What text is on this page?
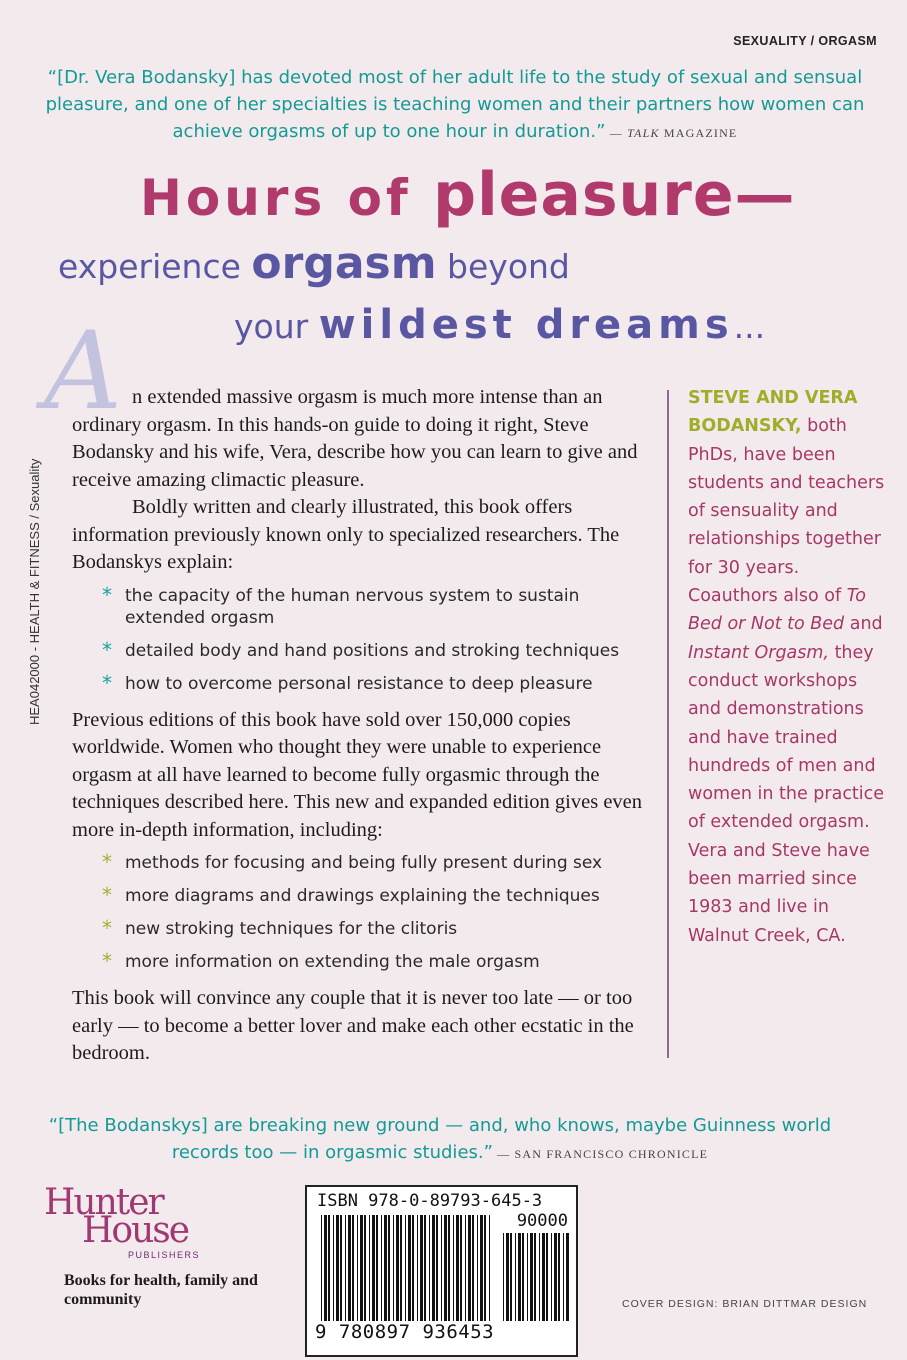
SEXUALITY / ORGASM
“[Dr. Vera Bodansky] has devoted most of her adult life to the study of sexual and sensual pleasure, and one of her specialties is teaching women and their partners how women can achieve orgasms of up to one hour in duration.” — TALK MAGAZINE
Hours of pleasure—
experience orgasm beyond
your wildest dreams...
A
HEA042000 - HEALTH & FITNESS / Sexuality

n extended massive orgasm is much more intense than an ordinary orgasm. In this hands-on guide to doing it right, Steve Bodansky and his wife, Vera, describe how you can learn to give and receive amazing climactic pleasure.

Boldly written and clearly illustrated, this book offers information previously known only to specialized researchers. The Bodanskys explain:

* the capacity of the human nervous system to sustain extended orgasm
* detailed body and hand positions and stroking techniques
* how to overcome personal resistance to deep pleasure

Previous editions of this book have sold over 150,000 copies worldwide. Women who thought they were unable to experience orgasm at all have learned to become fully orgasmic through the techniques described here. This new and expanded edition gives even more in-depth information, including:

* methods for focusing and being fully present during sex
* more diagrams and drawings explaining the techniques
* new stroking techniques for the clitoris
* more information on extending the male orgasm

This book will convince any couple that it is never too late — or too early — to become a better lover and make each other ecstatic in the bedroom.

STEVE AND VERA BODANSKY, both PhDs, have been students and teachers of sensuality and relationships together for 30 years. Coauthors also of To Bed or Not to Bed and Instant Orgasm, they conduct workshops and demonstrations and have trained hundreds of men and women in the practice of extended orgasm. Vera and Steve have been married since 1983 and live in Walnut Creek, CA.
“[The Bodanskys] are breaking new ground — and, who knows, maybe Guinness world records too — in orgasmic studies.” — SAN FRANCISCO CHRONICLE
Hunter
House
PUBLISHERS
Books for health, family and community
ISBN 978-0-89793-645-3
90000
9 780897 936453
COVER DESIGN: BRIAN DITTMAR DESIGN
